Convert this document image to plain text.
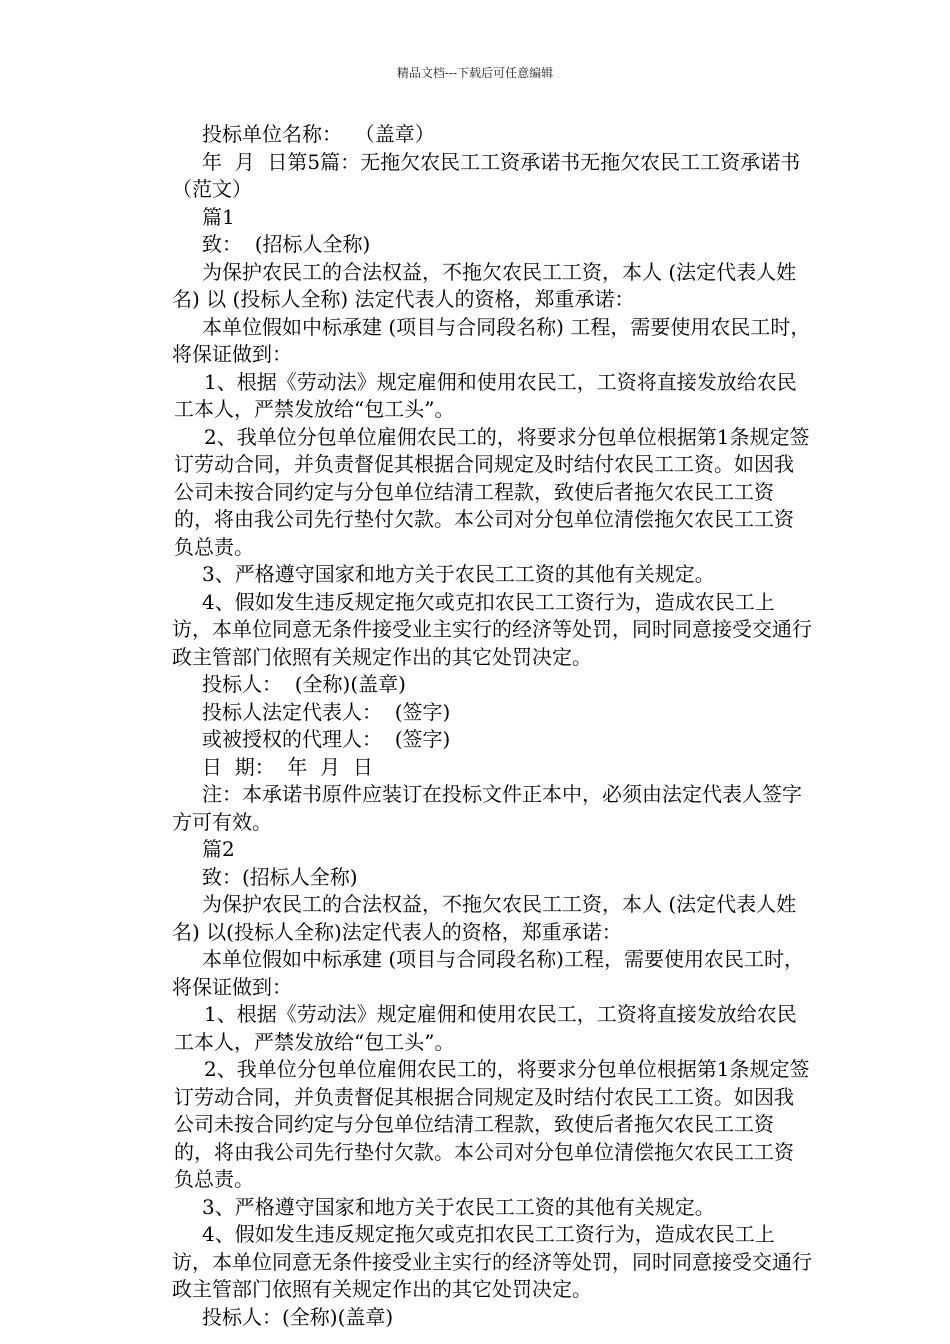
精品文档---下载后可任意编辑

投标单位名称：  （盖章）

年  月  日第5篇：无拖欠农民工工资承诺书无拖欠农民工工资承诺书（范文）

篇1

致：  (招标人全称)

为保护农民工的合法权益，不拖欠农民工工资，本人 (法定代表人姓名) 以 (投标人全称) 法定代表人的资格，郑重承诺：

本单位假如中标承建 (项目与合同段名称) 工程，需要使用农民工时，将保证做到：

1、根据《劳动法》规定雇佣和使用农民工，工资将直接发放给农民工本人，严禁发放给“包工头”。

2、我单位分包单位雇佣农民工的，将要求分包单位根据第1条规定签订劳动合同，并负责督促其根据合同规定及时结付农民工工资。如因我公司未按合同约定与分包单位结清工程款，致使后者拖欠农民工工资的，将由我公司先行垫付欠款。本公司对分包单位清偿拖欠农民工工资负总责。

3、严格遵守国家和地方关于农民工工资的其他有关规定。

4、假如发生违反规定拖欠或克扣农民工工资行为，造成农民工上访，本单位同意无条件接受业主实行的经济等处罚，同时同意接受交通行政主管部门依照有关规定作出的其它处罚决定。

投标人：  (全称)(盖章)

投标人法定代表人：  (签字)

或被授权的代理人：  (签字)

日  期：  年  月  日

注：本承诺书原件应装订在投标文件正本中，必须由法定代表人签字方可有效。

篇2

致：(招标人全称)

为保护农民工的合法权益，不拖欠农民工工资，本人 (法定代表人姓名) 以(投标人全称)法定代表人的资格，郑重承诺：

本单位假如中标承建 (项目与合同段名称)工程，需要使用农民工时，将保证做到：

1、根据《劳动法》规定雇佣和使用农民工，工资将直接发放给农民工本人，严禁发放给“包工头”。

2、我单位分包单位雇佣农民工的，将要求分包单位根据第1条规定签订劳动合同，并负责督促其根据合同规定及时结付农民工工资。如因我公司未按合同约定与分包单位结清工程款，致使后者拖欠农民工工资的，将由我公司先行垫付欠款。本公司对分包单位清偿拖欠农民工工资负总责。

3、严格遵守国家和地方关于农民工工资的其他有关规定。

4、假如发生违反规定拖欠或克扣农民工工资行为，造成农民工上访，本单位同意无条件接受业主实行的经济等处罚，同时同意接受交通行政主管部门依照有关规定作出的其它处罚决定。

投标人：(全称)(盖章)
